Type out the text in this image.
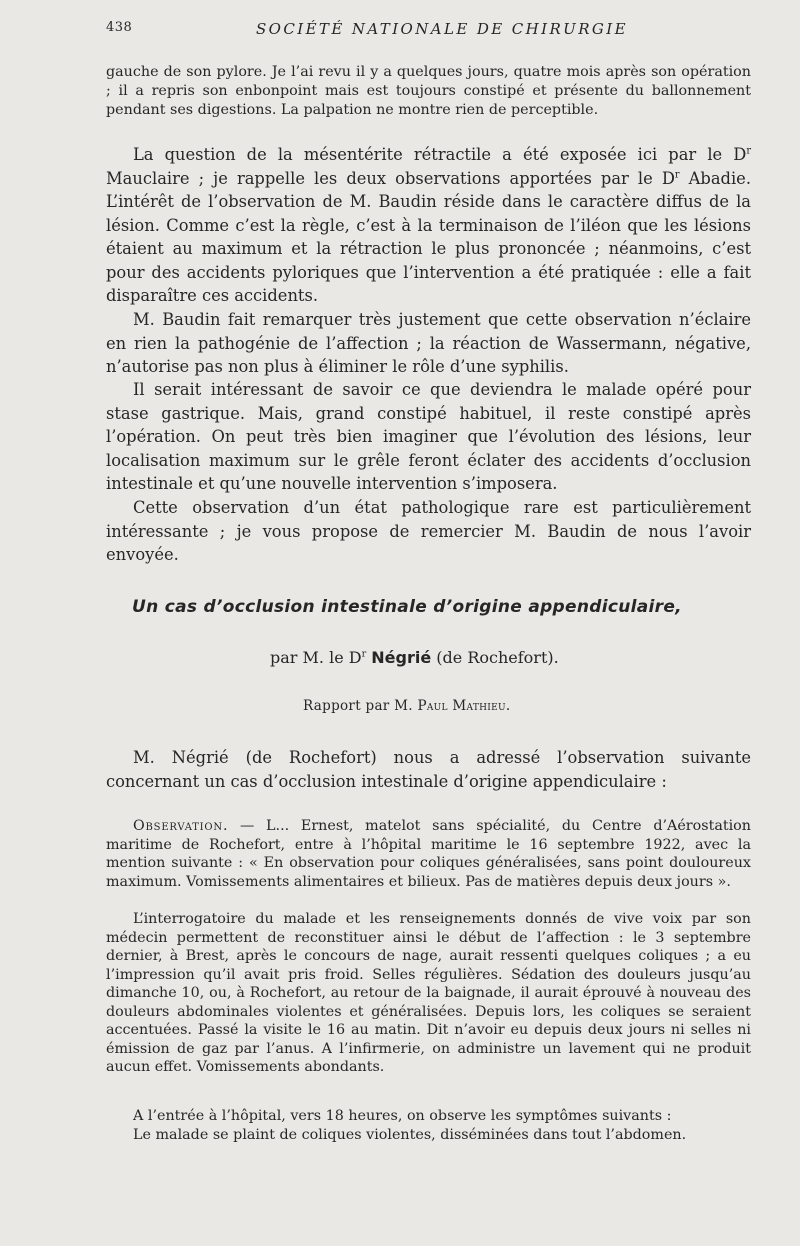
438	SOCIÉTÉ NATIONALE DE CHIRURGIE

gauche de son pylore. Je l’ai revu il y a quelques jours, quatre mois après son opération ; il a repris son enbonpoint mais est toujours constipé et présente du ballonnement pendant ses digestions. La palpation ne montre rien de perceptible.

La question de la mésentérite rétractile a été exposée ici par le $D^r$ Mauclaire ; je rappelle les deux observations apportées par le $D^r$ Abadie. L’intérêt de l’observation de M. Baudin réside dans le caractère diffus de la lésion. Comme c’est la règle, c’est à la terminaison de l’iléon que les lésions étaient au maximum et la rétraction le plus prononcée ; néanmoins, c’est pour des accidents pyloriques que l’intervention a été pratiquée : elle a fait disparaître ces accidents.

M. Baudin fait remarquer très justement que cette observation n’éclaire en rien la pathogénie de l’affection ; la réaction de Wassermann, négative, n’autorise pas non plus à éliminer le rôle d’une syphilis.

Il serait intéressant de savoir ce que deviendra le malade opéré pour stase gastrique. Mais, grand constipé habituel, il reste constipé après l’opération. On peut très bien imaginer que l’évolution des lésions, leur localisation maximum sur le grêle feront éclater des accidents d’occlusion intestinale et qu’une nouvelle intervention s’imposera.

Cette observation d’un état pathologique rare est particulièrement intéressante ; je vous propose de remercier M. Baudin de nous l’avoir envoyée.

Un cas d’occlusion intestinale d’origine appendiculaire,
par M. le $D^r$ Négrié (de Rochefort).
Rapport par M. Paul Mathieu.

M. Négrié (de Rochefort) nous a adressé l’observation suivante concernant un cas d’occlusion intestinale d’origine appendiculaire :

Observation. — L... Ernest, matelot sans spécialité, du Centre d’Aérostation maritime de Rochefort, entre à l’hôpital maritime le 16 septembre 1922, avec la mention suivante : « En observation pour coliques généralisées, sans point douloureux maximum. Vomissements alimentaires et bilieux. Pas de matières depuis deux jours ».

L’interrogatoire du malade et les renseignements donnés de vive voix par son médecin permettent de reconstituer ainsi le début de l’affection : le 3 septembre dernier, à Brest, après le concours de nage, aurait ressenti quelques coliques ; a eu l’impression qu’il avait pris froid. Selles régulières. Sédation des douleurs jusqu’au dimanche 10, ou, à Rochefort, au retour de la baignade, il aurait éprouvé à nouveau des douleurs abdominales violentes et généralisées. Depuis lors, les coliques se seraient accentuées. Passé la visite le 16 au matin. Dit n’avoir eu depuis deux jours ni selles ni émission de gaz par l’anus. A l’infirmerie, on administre un lavement qui ne produit aucun effet. Vomissements abondants.

A l’entrée à l’hôpital, vers 18 heures, on observe les symptômes suivants :

Le malade se plaint de coliques violentes, disséminées dans tout l’abdomen.
